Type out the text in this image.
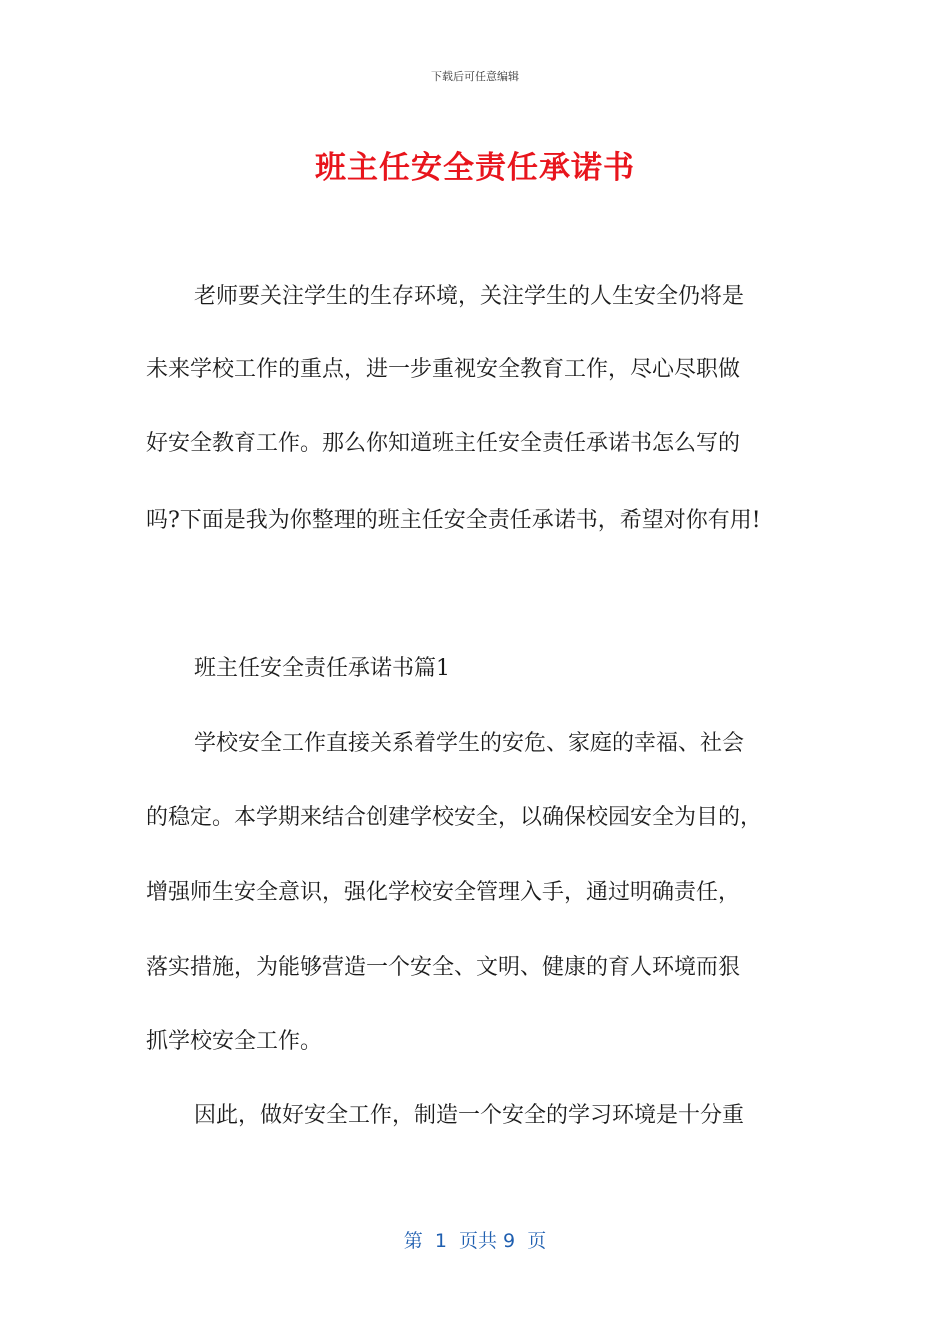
下载后可任意编辑
班主任安全责任承诺书

老师要关注学生的生存环境，关注学生的人生安全仍将是

未来学校工作的重点，进一步重视安全教育工作，尽心尽职做

好安全教育工作。那么你知道班主任安全责任承诺书怎么写的

吗?下面是我为你整理的班主任安全责任承诺书，希望对你有用!

班主任安全责任承诺书篇1

学校安全工作直接关系着学生的安危、家庭的幸福、社会

的稳定。本学期来结合创建学校安全，以确保校园安全为目的，

增强师生安全意识，强化学校安全管理入手，通过明确责任，

落实措施，为能够营造一个安全、文明、健康的育人环境而狠

抓学校安全工作。

因此，做好安全工作，制造一个安全的学习环境是十分重

第  1  页共 9  页
